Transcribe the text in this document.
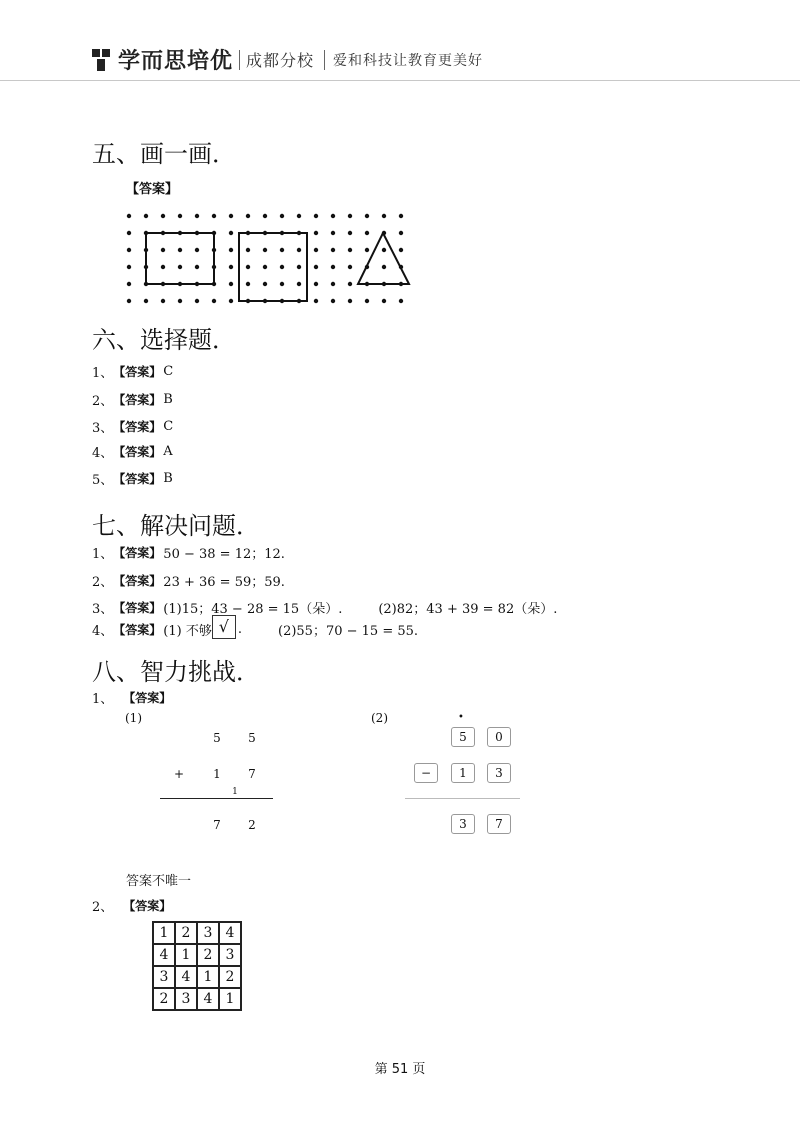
学而思培优 成都分校 爱和科技让教育更美好
五、画一画．
【答案】
六、选择题．
1、 【答案】 C
2、 【答案】 B
3、 【答案】 C
4、 【答案】 A
5、 【答案】 B
七、解决问题．
1、 【答案】 50 − 38 = 12；12.
2、 【答案】 23 + 36 = 59；59.
3、 【答案】 (1)15；43 − 28 = 15（朵）.	(2)82；43 + 39 = 82（朵）.
4、 【答案】 (1) 不够 √ .	(2)55；70 − 15 = 55.
八、智力挑战．
1、 【答案】
(1)
5 5
+ 1 7
1
7 2
(2)	•
5	0
−	1	3
3	7
答案不唯一
2、 【答案】
1	2	3	4
4	1	2	3
3	4	1	2
2	3	4	1
第 51 页
